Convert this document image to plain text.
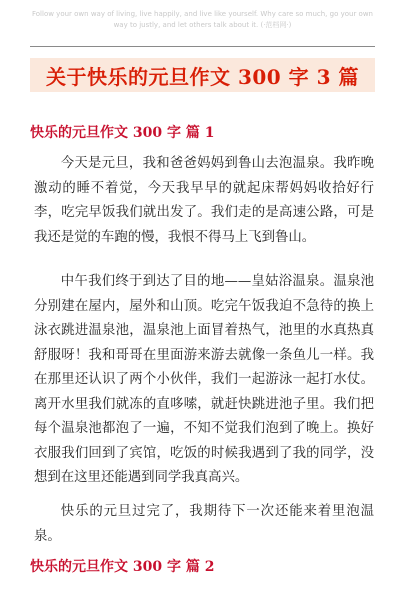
Follow your own way of living, live happily, and live like yourself. Why care so much, go your own way to justly, and let others talk about it. (·范档网·)
关于快乐的元旦作文 300 字 3 篇
快乐的元旦作文 300 字 篇 1

今天是元旦，我和爸爸妈妈到鲁山去泡温泉。我昨晚激动的睡不着觉，今天我早早的就起床帮妈妈收拾好行李，吃完早饭我们就出发了。我们走的是高速公路，可是我还是觉的车跑的慢，我恨不得马上飞到鲁山。

中午我们终于到达了目的地——皇姑浴温泉。温泉池分别建在屋内，屋外和山顶。吃完午饭我迫不急待的换上泳衣跳进温泉池，温泉池上面冒着热气，池里的水真热真舒服呀！我和哥哥在里面游来游去就像一条鱼儿一样。我在那里还认识了两个小伙伴，我们一起游泳一起打水仗。离开水里我们就冻的直哆嗦，就赶快跳进池子里。我们把每个温泉池都泡了一遍，不知不觉我们泡到了晚上。换好衣服我们回到了宾馆，吃饭的时候我遇到了我的同学，没想到在这里还能遇到同学我真高兴。

快乐的元旦过完了，我期待下一次还能来着里泡温泉。

快乐的元旦作文 300 字 篇 2
